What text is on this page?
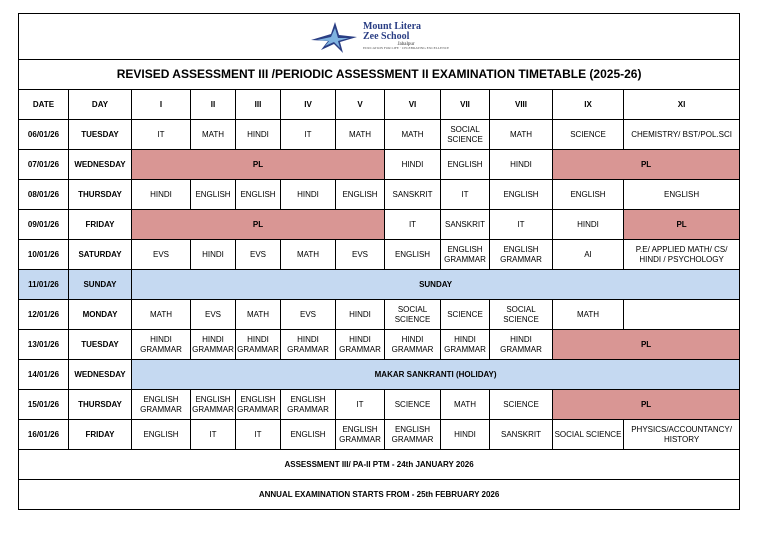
Mount Litera
Zee School
Jabalpur
EDUCATION FOR LIFE · CELEBRATING EXCELLENCE											

REVISED ASSESSMENT III /PERIODIC ASSESSMENT II EXAMINATION TIMETABLE (2025-26)											
DATE	DAY	I	II	III	IV	V	VI	VII	VIII	IX	XI
06/01/26	TUESDAY	IT	MATH	HINDI	IT	MATH	MATH	SOCIAL SCIENCE	MATH	SCIENCE	CHEMISTRY/ BST/POL.SCI
07/01/26	WEDNESDAY	PL					HINDI	ENGLISH	HINDI	PL	
08/01/26	THURSDAY	HINDI	ENGLISH	ENGLISH	HINDI	ENGLISH	SANSKRIT	IT	ENGLISH	ENGLISH	ENGLISH
09/01/26	FRIDAY	PL					IT	SANSKRIT	IT	HINDI	PL
10/01/26	SATURDAY	EVS	HINDI	EVS	MATH	EVS	ENGLISH	ENGLISH GRAMMAR	ENGLISH GRAMMAR	AI	P.E/ APPLIED MATH/ CS/ HINDI / PSYCHOLOGY
11/01/26	SUNDAY	SUNDAY									
12/01/26	MONDAY	MATH	EVS	MATH	EVS	HINDI	SOCIAL SCIENCE	SCIENCE	SOCIAL SCIENCE	MATH	
13/01/26	TUESDAY	HINDI GRAMMAR	HINDI GRAMMAR	HINDI GRAMMAR	HINDI GRAMMAR	HINDI GRAMMAR	HINDI GRAMMAR	HINDI GRAMMAR	HINDI GRAMMAR	PL	
14/01/26	WEDNESDAY	MAKAR SANKRANTI (HOLIDAY)									
15/01/26	THURSDAY	ENGLISH GRAMMAR	ENGLISH GRAMMAR	ENGLISH GRAMMAR	ENGLISH GRAMMAR	IT	SCIENCE	MATH	SCIENCE	PL	
16/01/26	FRIDAY	ENGLISH	IT	IT	ENGLISH	ENGLISH GRAMMAR	ENGLISH GRAMMAR	HINDI	SANSKRIT	SOCIAL SCIENCE	PHYSICS/ACCOUNTANCY/ HISTORY
ASSESSMENT III/ PA-II PTM - 24th JANUARY 2026											
ANNUAL EXAMINATION STARTS FROM - 25th FEBRUARY 2026											
